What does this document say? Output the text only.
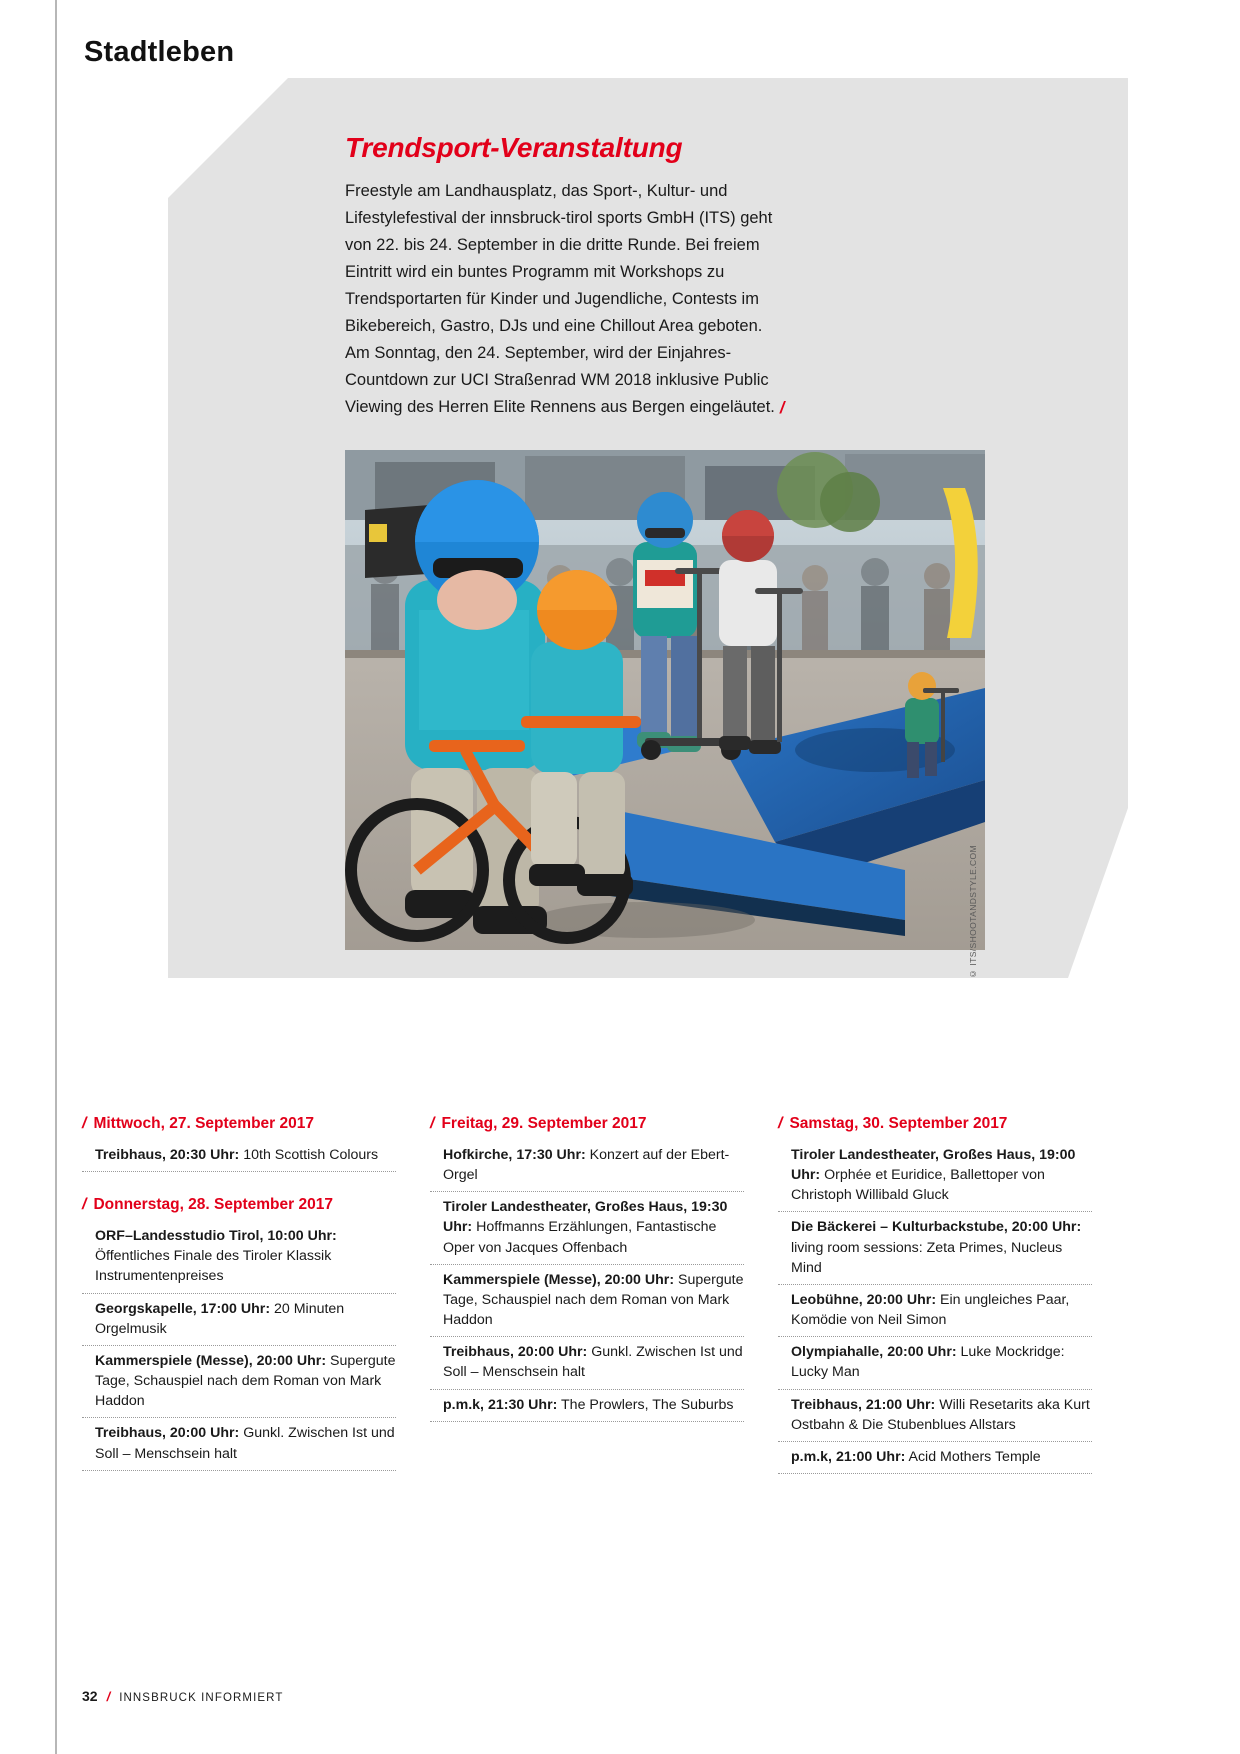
Stadtleben
Trendsport-Veranstaltung

Freestyle am Landhausplatz, das Sport-, Kultur- und Lifestylefestival der innsbruck-tirol sports GmbH (ITS) geht von 22. bis 24. September in die dritte Runde. Bei freiem Eintritt wird ein buntes Programm mit Workshops zu Trendsportarten für Kinder und Jugendliche, Contests im Bikebereich, Gastro, DJs und eine Chillout Area geboten. Am Sonntag, den 24. September, wird der Einjahres-Countdown zur UCI Straßenrad WM 2018 inklusive Public Viewing des Herren Elite Rennens aus Bergen eingeläutet. /

© ITS/SHOOTANDSTYLE.COM
/ Mittwoch, 27. September 2017
Treibhaus, 20:30 Uhr: 10th Scottish Colours
/ Donnerstag, 28. September 2017
ORF–Landesstudio Tirol, 10:00 Uhr: Öffentliches Finale des Tiroler Klassik Instrumentenpreises
Georgskapelle, 17:00 Uhr: 20 Minuten Orgelmusik
Kammerspiele (Messe), 20:00 Uhr: Supergute Tage, Schauspiel nach dem Roman von Mark Haddon
Treibhaus, 20:00 Uhr: Gunkl. Zwischen Ist und Soll – Menschsein halt
/ Freitag, 29. September 2017
Hofkirche, 17:30 Uhr: Konzert auf der Ebert-Orgel
Tiroler Landestheater, Großes Haus, 19:30 Uhr: Hoffmanns Erzählungen, Fantastische Oper von Jacques Offenbach
Kammerspiele (Messe), 20:00 Uhr: Supergute Tage, Schauspiel nach dem Roman von Mark Haddon
Treibhaus, 20:00 Uhr: Gunkl. Zwischen Ist und Soll – Menschsein halt
p.m.k, 21:30 Uhr: The Prowlers, The Suburbs
/ Samstag, 30. September 2017
Tiroler Landestheater, Großes Haus, 19:00 Uhr: Orphée et Euridice, Ballettoper von Christoph Willibald Gluck
Die Bäckerei – Kulturbackstube, 20:00 Uhr: living room sessions: Zeta Primes, Nucleus Mind
Leobühne, 20:00 Uhr: Ein ungleiches Paar, Komödie von Neil Simon
Olympiahalle, 20:00 Uhr: Luke Mockridge: Lucky Man
Treibhaus, 21:00 Uhr: Willi Resetarits aka Kurt Ostbahn & Die Stubenblues Allstars
p.m.k, 21:00 Uhr: Acid Mothers Temple
32 / INNSBRUCK INFORMIERT
